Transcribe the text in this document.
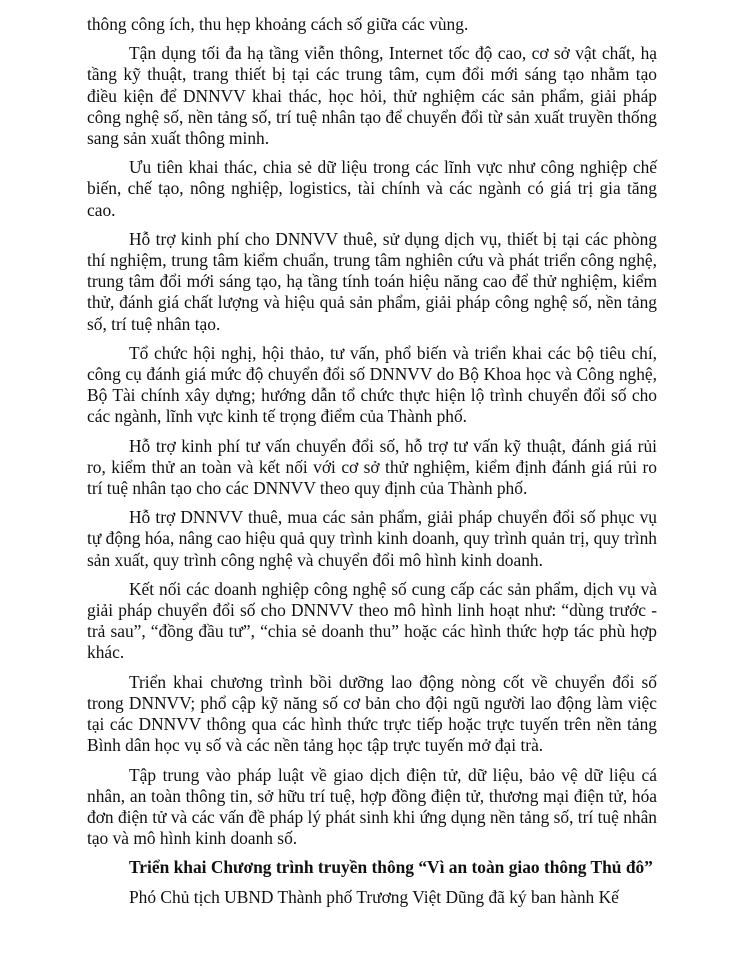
thông công ích, thu hẹp khoảng cách số giữa các vùng.

Tận dụng tối đa hạ tầng viễn thông, Internet tốc độ cao, cơ sở vật chất, hạ tầng kỹ thuật, trang thiết bị tại các trung tâm, cụm đổi mới sáng tạo nhằm tạo điều kiện để DNNVV khai thác, học hỏi, thử nghiệm các sản phẩm, giải pháp công nghệ số, nền tảng số, trí tuệ nhân tạo để chuyển đổi từ sản xuất truyền thống sang sản xuất thông minh.

Ưu tiên khai thác, chia sẻ dữ liệu trong các lĩnh vực như công nghiệp chế biến, chế tạo, nông nghiệp, logistics, tài chính và các ngành có giá trị gia tăng cao.

Hỗ trợ kinh phí cho DNNVV thuê, sử dụng dịch vụ, thiết bị tại các phòng thí nghiệm, trung tâm kiểm chuẩn, trung tâm nghiên cứu và phát triển công nghệ, trung tâm đổi mới sáng tạo, hạ tầng tính toán hiệu năng cao để thử nghiệm, kiểm thử, đánh giá chất lượng và hiệu quả sản phẩm, giải pháp công nghệ số, nền tảng số, trí tuệ nhân tạo.

Tổ chức hội nghị, hội thảo, tư vấn, phổ biến và triển khai các bộ tiêu chí, công cụ đánh giá mức độ chuyển đổi số DNNVV do Bộ Khoa học và Công nghệ, Bộ Tài chính xây dựng; hướng dẫn tổ chức thực hiện lộ trình chuyển đổi số cho các ngành, lĩnh vực kinh tế trọng điểm của Thành phố.

Hỗ trợ kinh phí tư vấn chuyển đổi số, hỗ trợ tư vấn kỹ thuật, đánh giá rủi ro, kiểm thử an toàn và kết nối với cơ sở thử nghiệm, kiểm định đánh giá rủi ro trí tuệ nhân tạo cho các DNNVV theo quy định của Thành phố.

Hỗ trợ DNNVV thuê, mua các sản phẩm, giải pháp chuyển đổi số phục vụ tự động hóa, nâng cao hiệu quả quy trình kinh doanh, quy trình quản trị, quy trình sản xuất, quy trình công nghệ và chuyển đổi mô hình kinh doanh.

Kết nối các doanh nghiệp công nghệ số cung cấp các sản phẩm, dịch vụ và giải pháp chuyển đổi số cho DNNVV theo mô hình linh hoạt như: “dùng trước - trả sau”, “đồng đầu tư”, “chia sẻ doanh thu” hoặc các hình thức hợp tác phù hợp khác.

Triển khai chương trình bồi dưỡng lao động nòng cốt về chuyển đổi số trong DNNVV; phổ cập kỹ năng số cơ bản cho đội ngũ người lao động làm việc tại các DNNVV thông qua các hình thức trực tiếp hoặc trực tuyến trên nền tảng Bình dân học vụ số và các nền tảng học tập trực tuyến mở đại trà.

Tập trung vào pháp luật về giao dịch điện tử, dữ liệu, bảo vệ dữ liệu cá nhân, an toàn thông tin, sở hữu trí tuệ, hợp đồng điện tử, thương mại điện tử, hóa đơn điện tử và các vấn đề pháp lý phát sinh khi ứng dụng nền tảng số, trí tuệ nhân tạo và mô hình kinh doanh số.

Triển khai Chương trình truyền thông “Vì an toàn giao thông Thủ đô”

Phó Chủ tịch UBND Thành phố Trương Việt Dũng đã ký ban hành Kế
